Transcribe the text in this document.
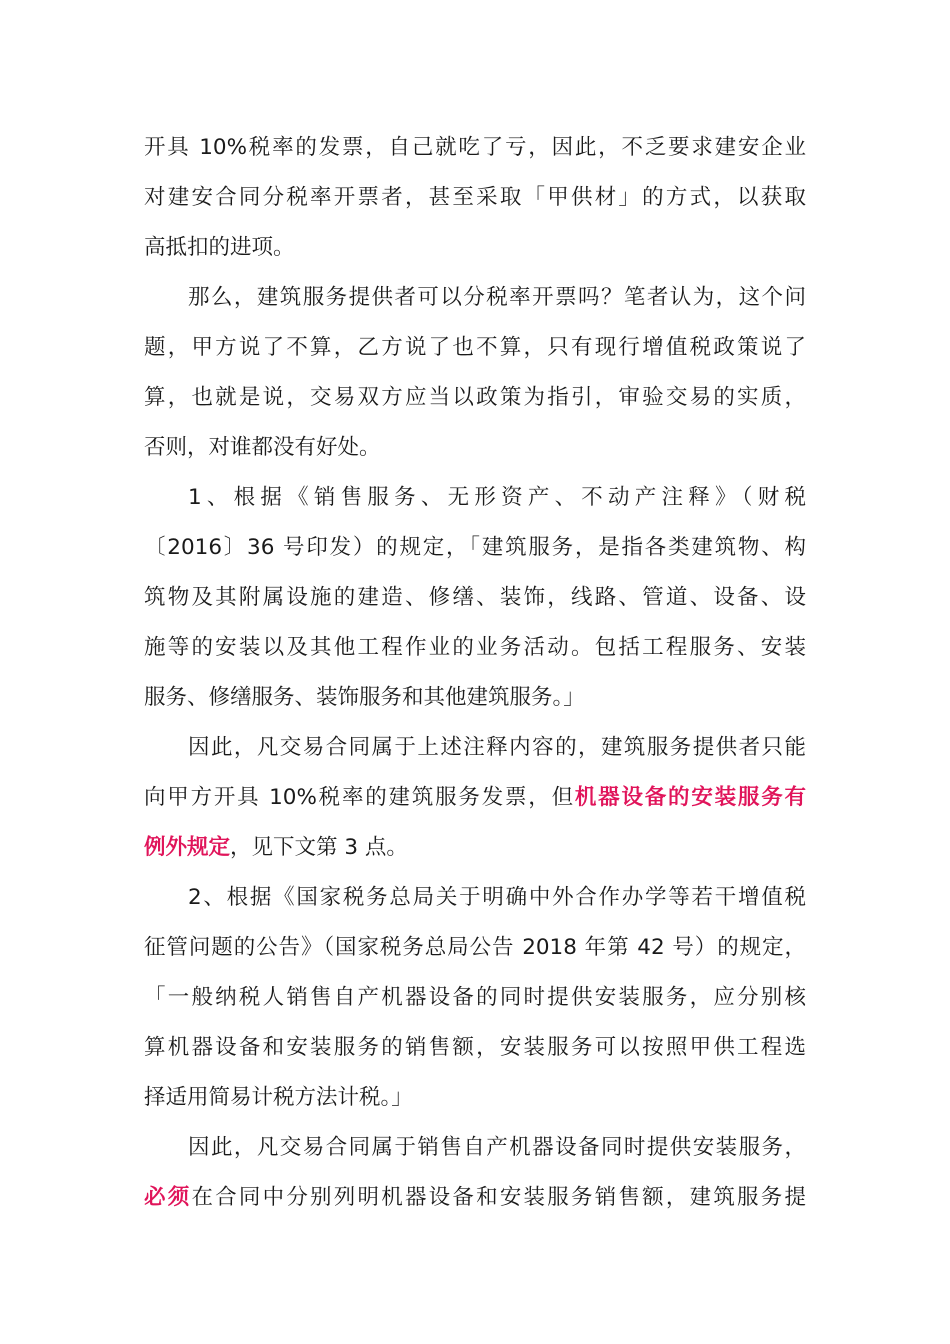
开具 10%税率的发票，自己就吃了亏，因此，不乏要求建安企业
对建安合同分税率开票者，甚至采取「甲供材」的方式，以获取
高抵扣的进项。
那么，建筑服务提供者可以分税率开票吗？笔者认为，这个问
题，甲方说了不算，乙方说了也不算，只有现行增值税政策说了
算，也就是说，交易双方应当以政策为指引，审验交易的实质，
否则，对谁都没有好处。
1、根据《销售服务、无形资产、不动产注释》（财税
〔2016〕36 号印发）的规定，「建筑服务，是指各类建筑物、构
筑物及其附属设施的建造、修缮、装饰，线路、管道、设备、设
施等的安装以及其他工程作业的业务活动。包括工程服务、安装
服务、修缮服务、装饰服务和其他建筑服务。」
因此，凡交易合同属于上述注释内容的，建筑服务提供者只能
向甲方开具 10%税率的建筑服务发票，但机器设备的安装服务有
例外规定，见下文第 3 点。
2、根据《国家税务总局关于明确中外合作办学等若干增值税
征管问题的公告》（国家税务总局公告 2018 年第 42 号）的规定，
「一般纳税人销售自产机器设备的同时提供安装服务，应分别核
算机器设备和安装服务的销售额，安装服务可以按照甲供工程选
择适用简易计税方法计税。」
因此，凡交易合同属于销售自产机器设备同时提供安装服务，
必须在合同中分别列明机器设备和安装服务销售额，建筑服务提
